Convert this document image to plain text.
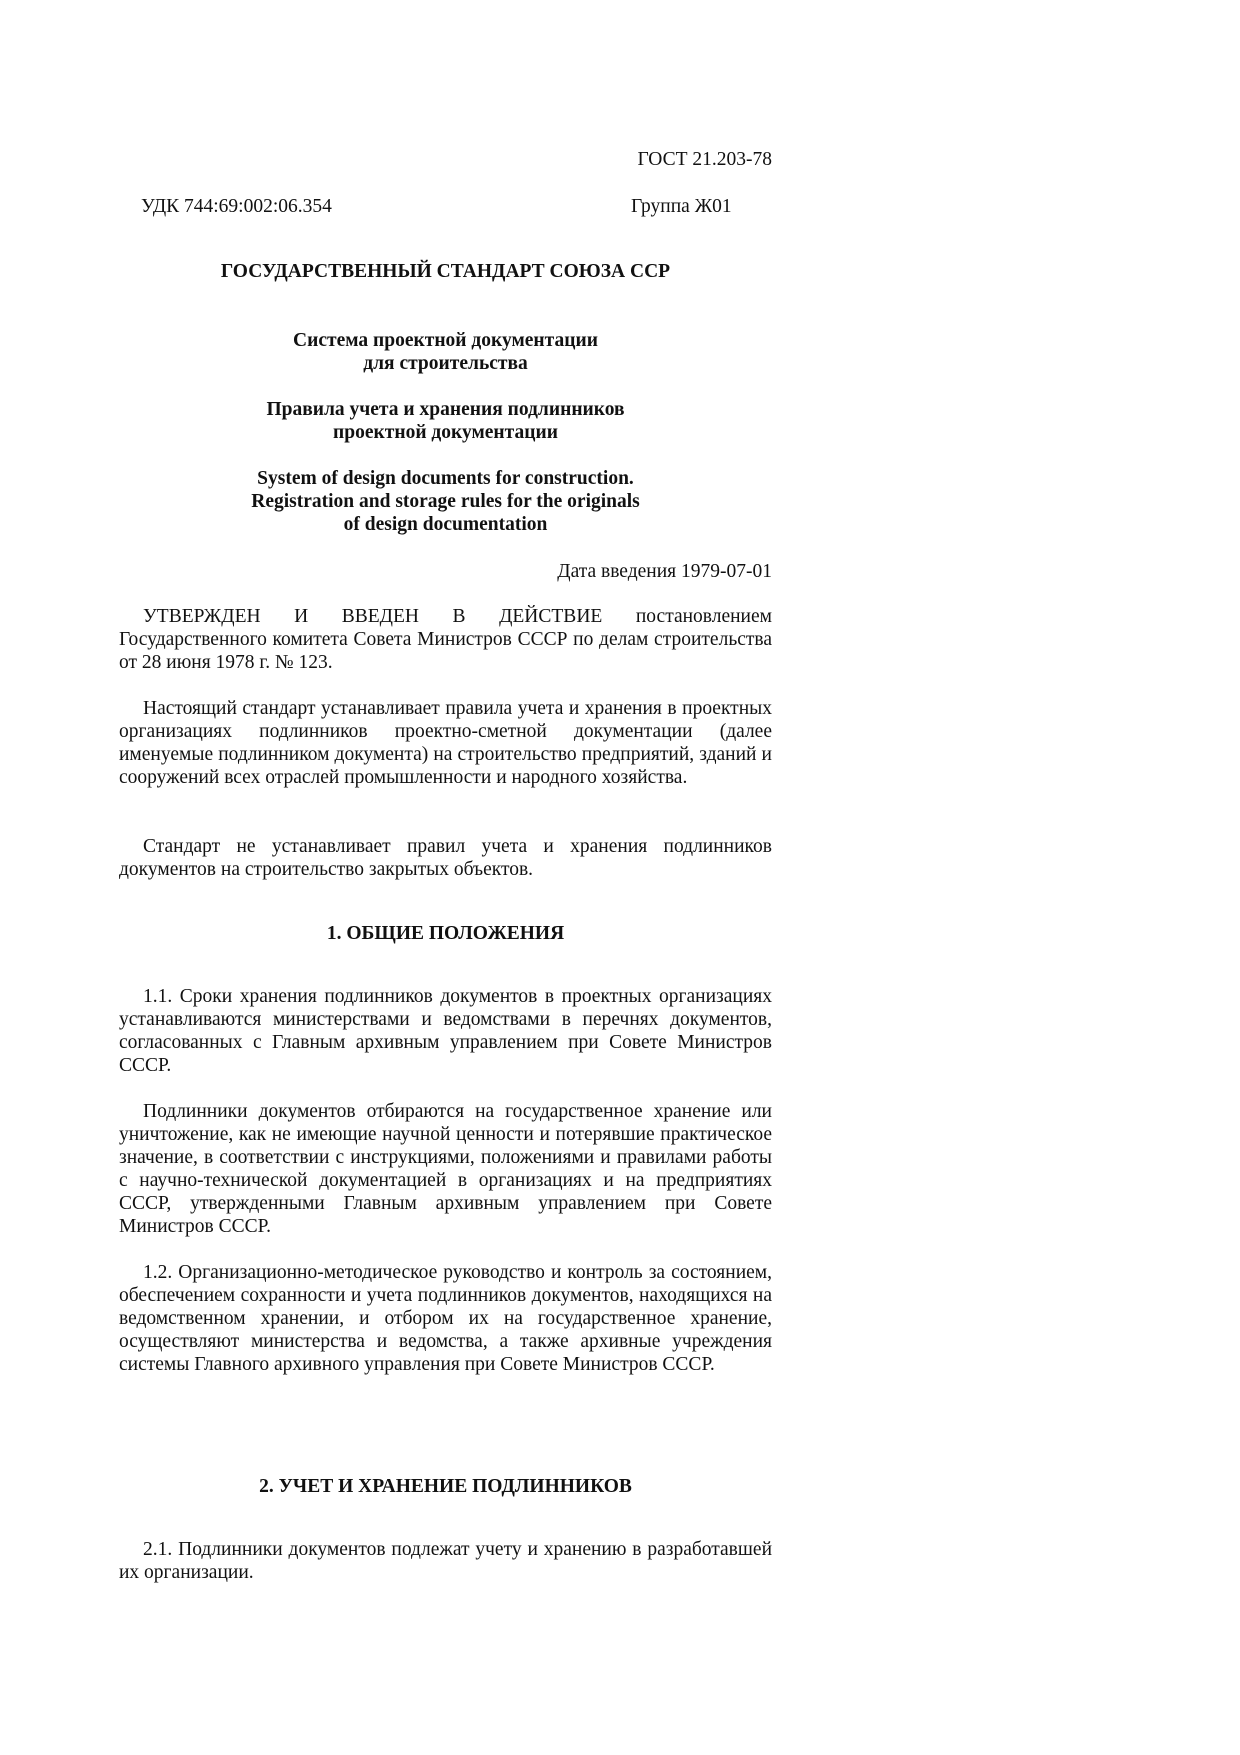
ГОСТ 21.203-78
УДК 744:69:002:06.354	Группа Ж01
ГОСУДАРСТВЕННЫЙ СТАНДАРТ СОЮЗА ССР
Система проектной документации
для строительства
Правила учета и хранения подлинников
проектной документации
System of design documents for construction.
Registration and storage rules for the originals
of design documentation
Дата введения 1979-07-01

УТВЕРЖДЕН И ВВЕДЕН В ДЕЙСТВИЕ постановлением Государственного комитета Совета Министров СССР по делам строительства от 28 июня 1978 г. № 123.

Настоящий стандарт устанавливает правила учета и хранения в проектных организациях подлинников проектно-сметной документации (далее именуемые подлинником документа) на строительство предприятий, зданий и сооружений всех отраслей промышленности и народного хозяйства.

Стандарт не устанавливает правил учета и хранения подлинников документов на строительство закрытых объектов.

1. ОБЩИЕ ПОЛОЖЕНИЯ

1.1. Сроки хранения подлинников документов в проектных организациях устанавливаются министерствами и ведомствами в перечнях документов, согласованных с Главным архивным управлением при Совете Министров СССР.

Подлинники документов отбираются на государственное хранение или уничтожение, как не имеющие научной ценности и потерявшие практическое значение, в соответствии с инструкциями, положениями и правилами работы с научно-технической документацией в организациях и на предприятиях СССР, утвержденными Главным архивным управлением при Совете Министров СССР.

1.2. Организационно-методическое руководство и контроль за состоянием, обеспечением сохранности и учета подлинников документов, находящихся на ведомственном хранении, и отбором их на государственное хранение, осуществляют министерства и ведомства, а также архивные учреждения системы Главного архивного управления при Совете Министров СССР.

2. УЧЕТ И ХРАНЕНИЕ ПОДЛИННИКОВ

2.1. Подлинники документов подлежат учету и хранению в разработавшей их организации.
